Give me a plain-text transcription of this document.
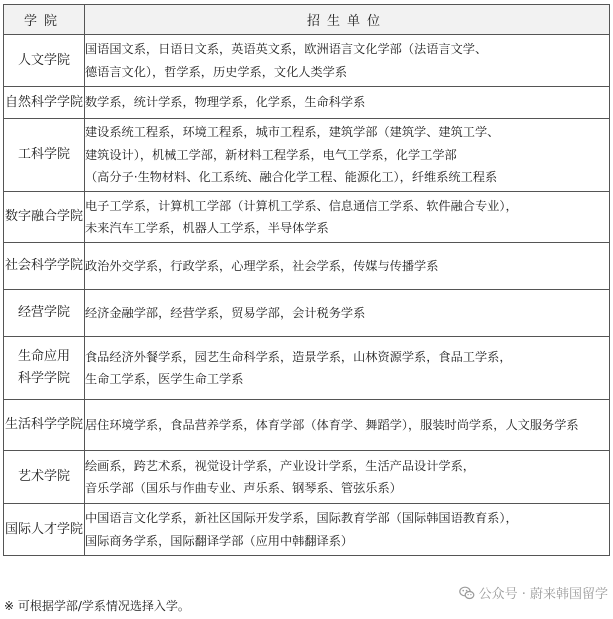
学院	招生单位

人文学院	国语国文系，日语日文系，英语英文系，欧洲语言文化学部（法语言文学、
德语言文化），哲学系，历史学系，文化人类学系

自然科学学院	数学系，统计学系，物理学系，化学系，生命科学系

工科学院	建设系统工程系，环境工程系，城市工程系，建筑学部（建筑学、建筑工学、
建筑设计），机械工学部，新材料工程学系，电气工学系，化学工学部
（高分子·生物材料、化工系统、融合化学工程、能源化工），纤维系统工程系

数字融合学院	电子工学系，计算机工学部（计算机工学系、信息通信工学系、软件融合专业），
未来汽车工学系，机器人工学系，半导体学系

社会科学学院	政治外交学系，行政学系，心理学系，社会学系，传媒与传播学系

经营学院	经济金融学部，经营学系，贸易学部，会计税务学系

生命应用
科学学院	食品经济外餐学系，园艺生命科学系，造景学系，山林资源学系，食品工学系，
生命工学系，医学生命工学系

生活科学学院	居住环境学系，食品营养学系，体育学部（体育学、舞蹈学），服装时尚学系，人文服务学系

艺术学院	绘画系，跨艺术系，视觉设计学系，产业设计学系，生活产品设计学系，
音乐学部（国乐与作曲专业、声乐系、钢琴系、管弦乐系）

国际人才学院	中国语言文化学系，新社区国际开发学系，国际教育学部（国际韩国语教育系），
国际商务学系，国际翻译学部（应用中韩翻译系）
※ 可根据学部/学系情况选择入学。
公众号 · 蔚来韩国留学
